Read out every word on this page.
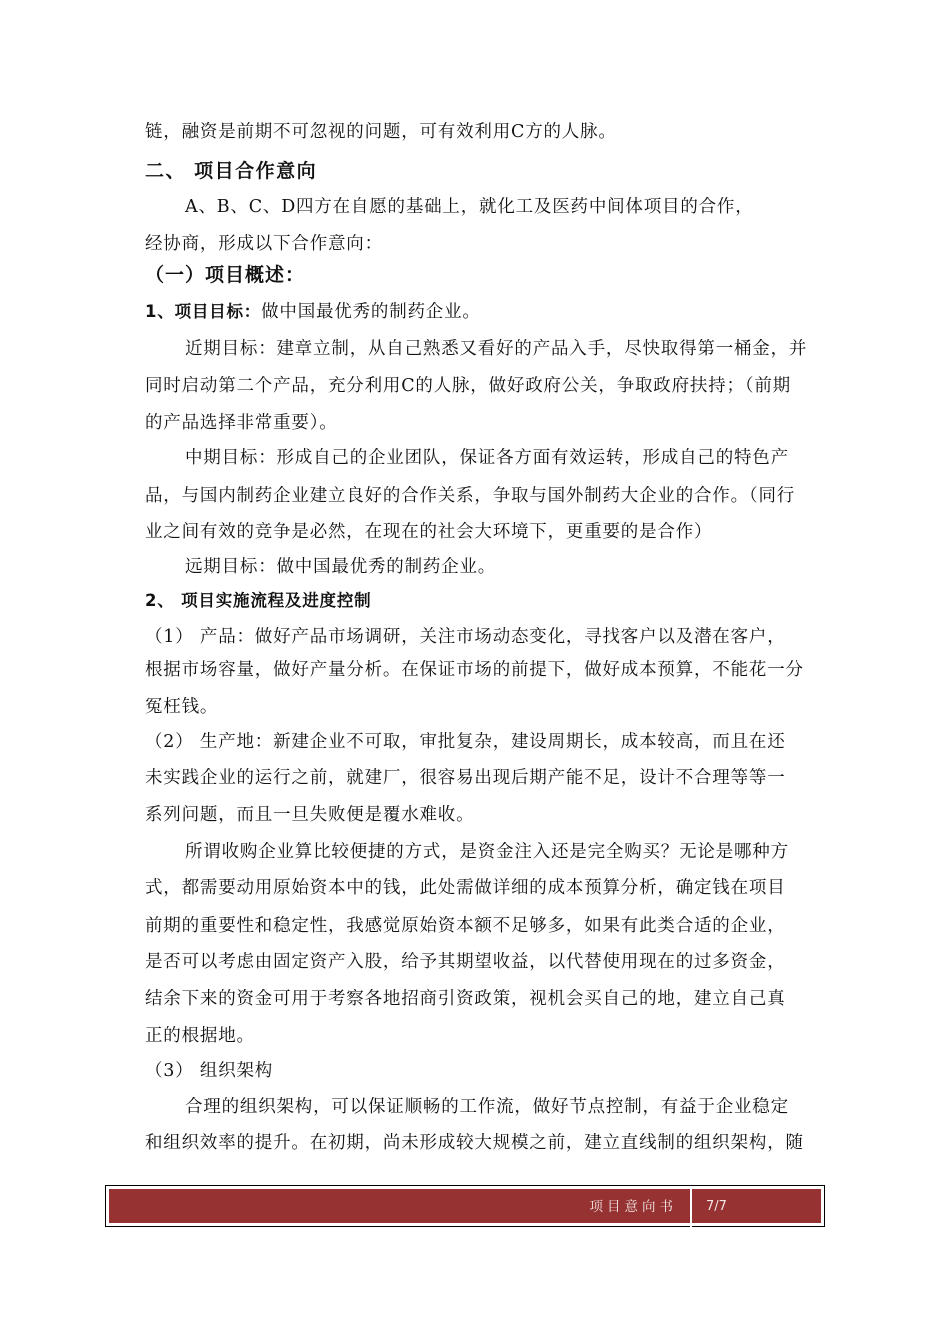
链，融资是前期不可忽视的问题，可有效利用C方的人脉。
二、 项目合作意向
A、B、C、D四方在自愿的基础上，就化工及医药中间体项目的合作，
经协商，形成以下合作意向：
（一）项目概述：
1、项目目标：做中国最优秀的制药企业。
近期目标：建章立制，从自己熟悉又看好的产品入手，尽快取得第一桶金，并
同时启动第二个产品，充分利用C的人脉，做好政府公关，争取政府扶持；（前期
的产品选择非常重要）。
中期目标：形成自己的企业团队，保证各方面有效运转，形成自己的特色产
品，与国内制药企业建立良好的合作关系，争取与国外制药大企业的合作。（同行
业之间有效的竞争是必然，在现在的社会大环境下，更重要的是合作）
远期目标：做中国最优秀的制药企业。
2、 项目实施流程及进度控制
（1） 产品：做好产品市场调研，关注市场动态变化，寻找客户以及潜在客户，
根据市场容量，做好产量分析。在保证市场的前提下，做好成本预算，不能花一分
冤枉钱。
（2） 生产地：新建企业不可取，审批复杂，建设周期长，成本较高，而且在还
未实践企业的运行之前，就建厂，很容易出现后期产能不足，设计不合理等等一
系列问题，而且一旦失败便是覆水难收。
所谓收购企业算比较便捷的方式，是资金注入还是完全购买？无论是哪种方
式，都需要动用原始资本中的钱，此处需做详细的成本预算分析，确定钱在项目
前期的重要性和稳定性，我感觉原始资本额不足够多，如果有此类合适的企业，
是否可以考虑由固定资产入股，给予其期望收益，以代替使用现在的过多资金，
结余下来的资金可用于考察各地招商引资政策，视机会买自己的地，建立自己真
正的根据地。
（3） 组织架构
合理的组织架构，可以保证顺畅的工作流，做好节点控制，有益于企业稳定
和组织效率的提升。在初期，尚未形成较大规模之前，建立直线制的组织架构，随
项目意向书 7/7
